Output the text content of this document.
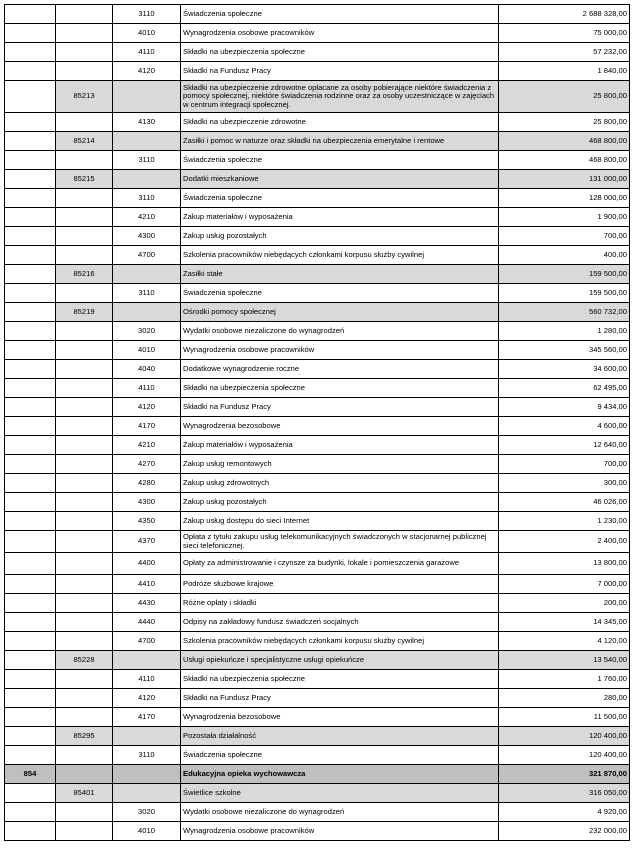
		3110	Świadczenia społeczne	2 688 328,00
		4010	Wynagrodzenia osobowe pracowników	75 000,00
		4110	Składki na ubezpieczenia społeczne	57 232,00
		4120	Składki na Fundusz Pracy	1 840,00
	85213		Składki na ubezpieczenie zdrowotne opłacane za osoby pobierające niektóre świadczenia z pomocy społecznej, niektóre świadczenia rodzinne oraz za osoby uczestniczące w zajęciach w centrum integracji społecznej.	25 800,00
		4130	Składki na ubezpieczenie zdrowotne	25 800,00
	85214		Zasiłki i pomoc w naturze oraz składki na ubezpieczenia emerytalne i rentowe	468 800,00
		3110	Świadczenia społeczne	468 800,00
	85215		Dodatki mieszkaniowe	131 000,00
		3110	Świadczenia społeczne	128 000,00
		4210	Zakup materiałów i wyposażenia	1 900,00
		4300	Zakup usług pozostałych	700,00
		4700	Szkolenia pracowników niebędących członkami korpusu służby cywilnej	400,00
	85216		Zasiłki stałe	159 500,00
		3110	Świadczenia społeczne	159 500,00
	85219		Ośrodki pomocy społecznej	560 732,00
		3020	Wydatki osobowe niezaliczone do wynagrodzeń	1 280,00
		4010	Wynagrodzenia osobowe pracowników	345 560,00
		4040	Dodatkowe wynagrodzenie roczne	34 600,00
		4110	Składki na ubezpieczenia społeczne	62 495,00
		4120	Składki na Fundusz Pracy	9 434,00
		4170	Wynagrodzenia bezosobowe	4 600,00
		4210	Zakup materiałów i wyposażenia	12 640,00
		4270	Zakup usług remontowych	700,00
		4280	Zakup usług zdrowotnych	300,00
		4300	Zakup usług pozostałych	46 026,00
		4350	Zakup usług dostępu do sieci Internet	1 230,00
		4370	Opłata z tytułu zakupu usług telekomunikacyjnych świadczonych w stacjonarnej publicznej sieci telefonicznej.	2 400,00
		4400	Opłaty za administrowanie i czynsze za budynki, lokale i pomieszczenia garażowe	13 800,00
		4410	Podróże służbowe krajowe	7 000,00
		4430	Różne opłaty i składki	200,00
		4440	Odpisy na zakładowy fundusz świadczeń socjalnych	14 345,00
		4700	Szkolenia pracowników niebędących członkami korpusu służby cywilnej	4 120,00
	85228		Usługi opiekuńcze i specjalistyczne usługi opiekuńcze	13 540,00
		4110	Składki na ubezpieczenia społeczne	1 760,00
		4120	Składki na Fundusz Pracy	280,00
		4170	Wynagrodzenia bezosobowe	11 500,00
	85295		Pozostała działalność	120 400,00
		3110	Świadczenia społeczne	120 400,00
854			Edukacyjna opieka wychowawcza	321 870,00
	85401		Świetlice szkolne	316 050,00
		3020	Wydatki osobowe niezaliczone do wynagrodzeń	4 920,00
		4010	Wynagrodzenia osobowe pracowników	232 000,00
